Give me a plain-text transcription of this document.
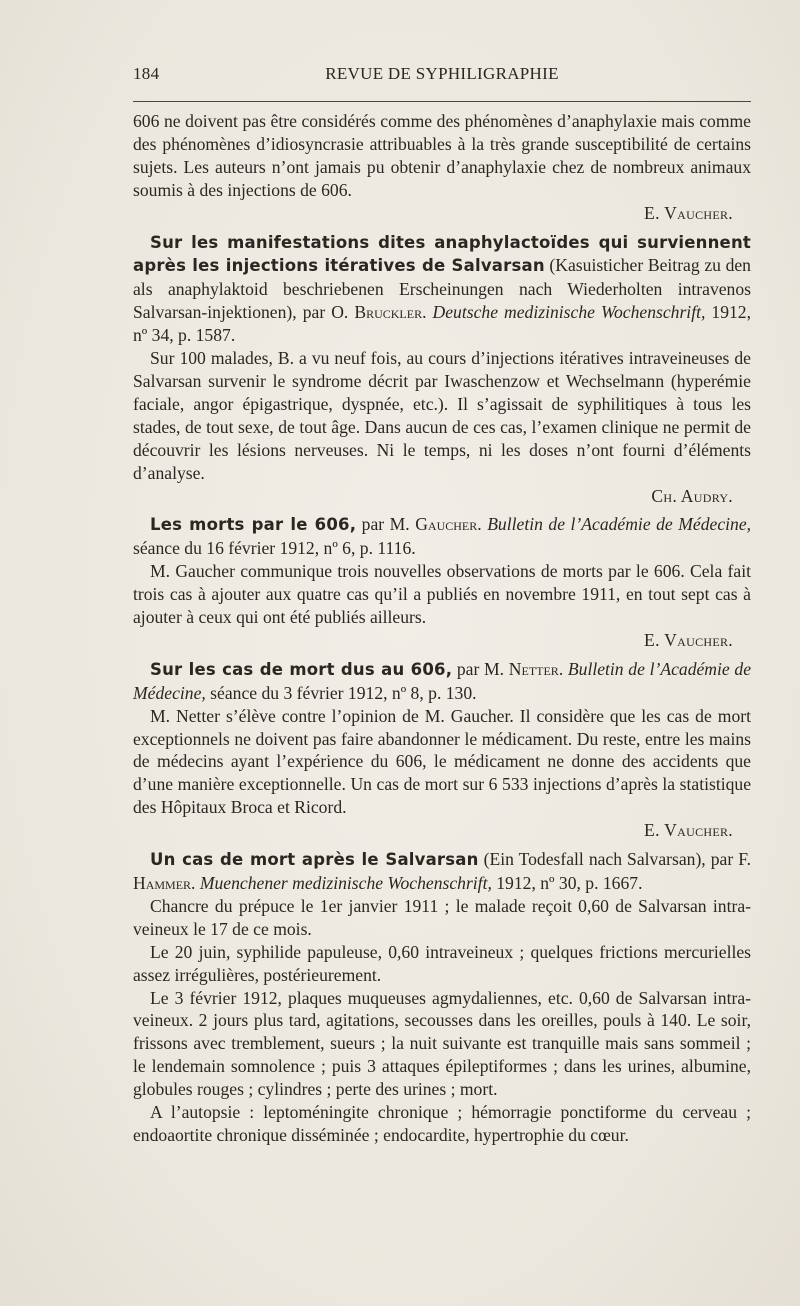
184	REVUE DE SYPHILIGRAPHIE

606 ne doivent pas être considérés comme des phénomènes d’anaphylaxie mais comme des phénomènes d’idiosyncrasie attribuables à la très grande susceptibilité de certains sujets. Les auteurs n’ont jamais pu obtenir d’anaphylaxie chez de nombreux animaux soumis à des injections de 606.

E. Vaucher.

Sur les manifestations dites anaphylactoïdes qui surviennent après les injections itératives de Salvarsan (Kasuisticher Beitrag zu den als anaphylaktoid beschriebenen Erscheinungen nach Wiederholten intravenos Salvarsan-injektionen), par O. Bruckler. Deutsche medizinische Wochenschrift, 1912, nº 34, p. 1587.

Sur 100 malades, B. a vu neuf fois, au cours d’injections itératives intraveineuses de Salvarsan survenir le syndrome décrit par Iwaschenzow et Wechselmann (hyperémie faciale, angor épigastrique, dyspnée, etc.). Il s’agissait de syphilitiques à tous les stades, de tout sexe, de tout âge. Dans aucun de ces cas, l’examen clinique ne permit de découvrir les lésions nerveuses. Ni le temps, ni les doses n’ont fourni d’éléments d’analyse.

Ch. Audry.

Les morts par le 606, par M. Gaucher. Bulletin de l’Académie de Médecine, séance du 16 février 1912, nº 6, p. 1116.

M. Gaucher communique trois nouvelles observations de morts par le 606. Cela fait trois cas à ajouter aux quatre cas qu’il a publiés en novembre 1911, en tout sept cas à ajouter à ceux qui ont été publiés ailleurs.

E. Vaucher.

Sur les cas de mort dus au 606, par M. Netter. Bulletin de l’Académie de Médecine, séance du 3 février 1912, nº 8, p. 130.

M. Netter s’élève contre l’opinion de M. Gaucher. Il considère que les cas de mort exceptionnels ne doivent pas faire abandonner le médicament. Du reste, entre les mains de médecins ayant l’expérience du 606, le médicament ne donne des accidents que d’une manière exceptionnelle. Un cas de mort sur 6 533 injections d’après la statistique des Hôpitaux Broca et Ricord.

E. Vaucher.

Un cas de mort après le Salvarsan (Ein Todesfall nach Salvarsan), par F. Hammer. Muenchener medizinische Wochenschrift, 1912, nº 30, p. 1667.

Chancre du prépuce le 1er janvier 1911 ; le malade reçoit 0,60 de Salvarsan intra-veineux le 17 de ce mois.

Le 20 juin, syphilide papuleuse, 0,60 intraveineux ; quelques frictions mercurielles assez irrégulières, postérieurement.

Le 3 février 1912, plaques muqueuses agmydaliennes, etc. 0,60 de Salvarsan intra-veineux. 2 jours plus tard, agitations, secousses dans les oreilles, pouls à 140. Le soir, frissons avec tremblement, sueurs ; la nuit suivante est tranquille mais sans sommeil ; le lendemain somnolence ; puis 3 attaques épileptiformes ; dans les urines, albumine, globules rouges ; cylindres ; perte des urines ; mort.

A l’autopsie : leptoméningite chronique ; hémorragie ponctiforme du cerveau ; endoaortite chronique disséminée ; endocardite, hypertrophie du cœur.
